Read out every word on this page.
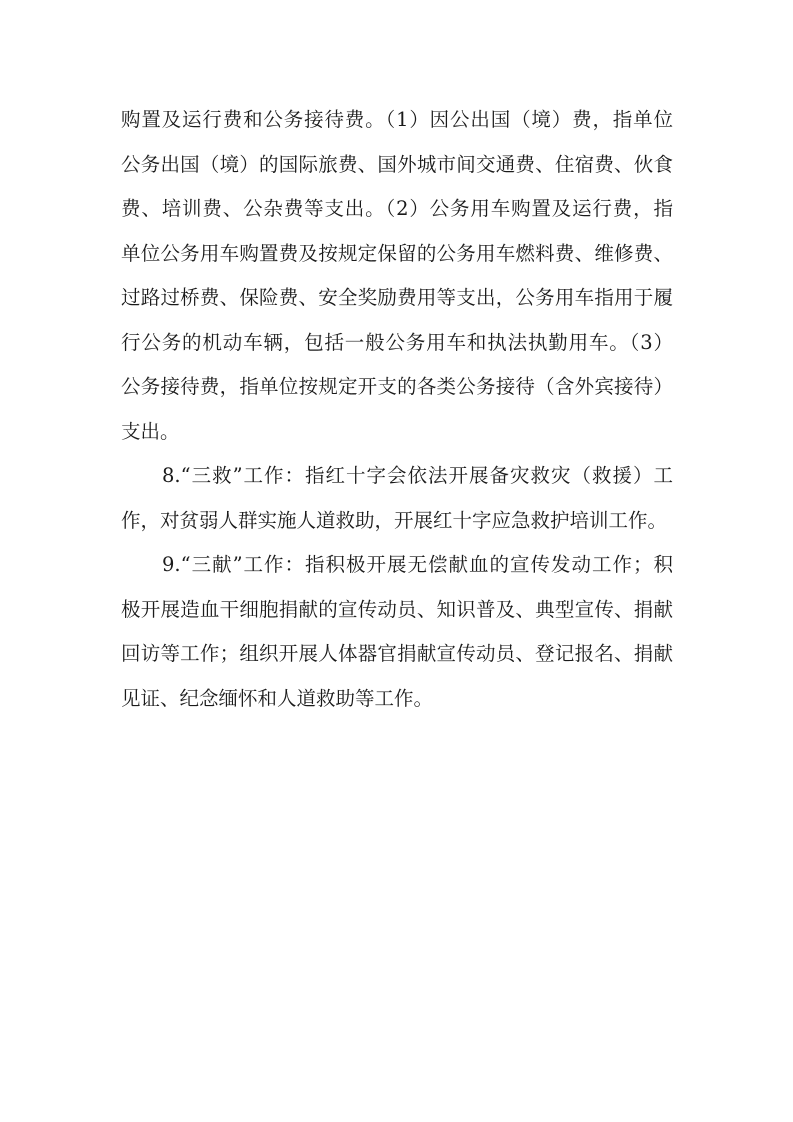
购置及运行费和公务接待费。（1）因公出国（境）费，指单位
公务出国（境）的国际旅费、国外城市间交通费、住宿费、伙食
费、培训费、公杂费等支出。（2）公务用车购置及运行费，指
单位公务用车购置费及按规定保留的公务用车燃料费、维修费、
过路过桥费、保险费、安全奖励费用等支出，公务用车指用于履
行公务的机动车辆，包括一般公务用车和执法执勤用车。（3）
公务接待费，指单位按规定开支的各类公务接待（含外宾接待）
支出。
　　8.“三救”工作：指红十字会依法开展备灾救灾（救援）工
作，对贫弱人群实施人道救助，开展红十字应急救护培训工作。
　　9.“三献”工作：指积极开展无偿献血的宣传发动工作；积
极开展造血干细胞捐献的宣传动员、知识普及、典型宣传、捐献
回访等工作；组织开展人体器官捐献宣传动员、登记报名、捐献
见证、纪念缅怀和人道救助等工作。
